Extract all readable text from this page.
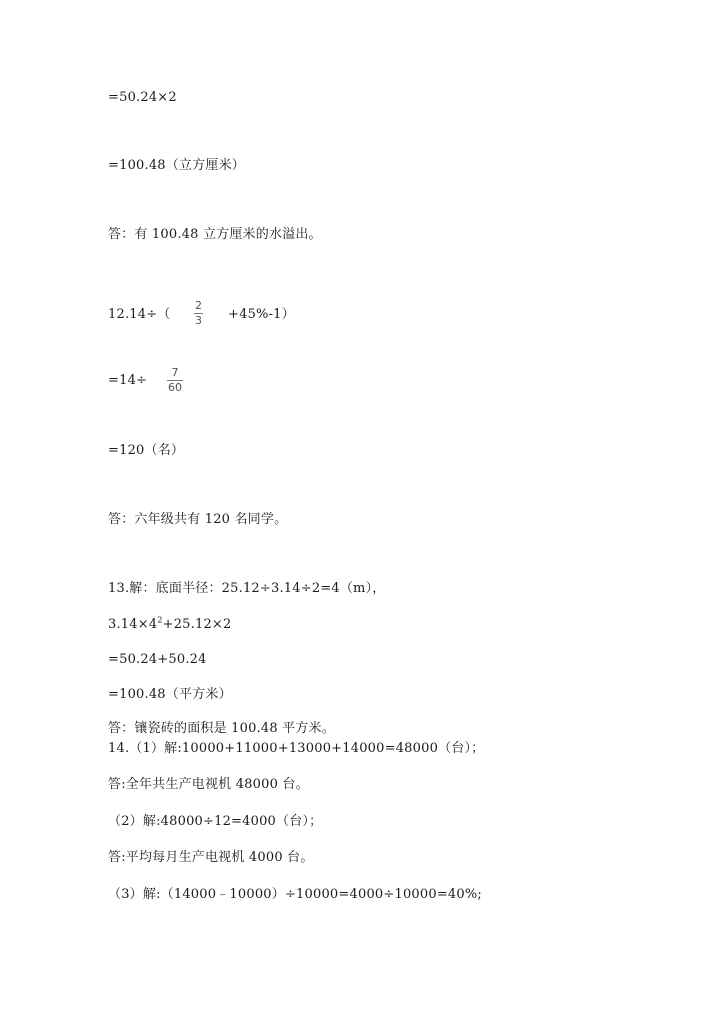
=50.24×2
=100.48（立方厘米）
答：有 100.48 立方厘米的水溢出。
12.14÷（
2
3 +45%-1）
=14÷
7
60
=120（名）
答：六年级共有 120 名同学。
13.解：底面半径：25.12÷3.14÷2=4（m），
$3.14\times 4^2+25.12\times 2$
=50.24+50.24
=100.48（平方米）
答：镶瓷砖的面积是 100.48 平方米。
14.（1）解:10000+11000+13000+14000=48000（台）；
答:全年共生产电视机 48000 台。
（2）解:48000÷12=4000（台）；
答:平均每月生产电视机 4000 台。
（3）解:（14000﹣10000）÷10000=4000÷10000=40%;
